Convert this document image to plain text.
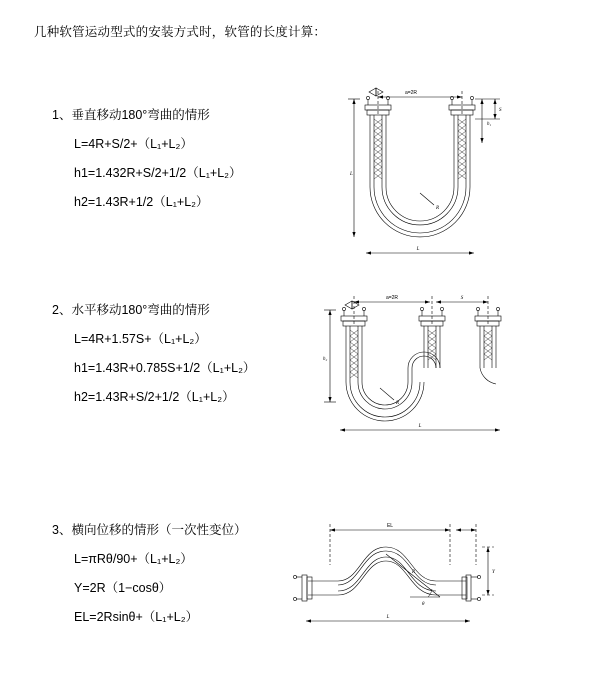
几种软管运动型式的安装方式时，软管的长度计算：
1、垂直移动180°弯曲的情形
L=4R+S/2+（L₁+L₂）
h1=1.432R+S/2+1/2（L₁+L₂）
h2=1.43R+1/2（L₁+L₂）
a=2R
h₁
S
L
R
L
2、水平移动180°弯曲的情形
L=4R+1.57S+（L₁+L₂）
h1=1.43R+0.785S+1/2（L₁+L₂）
h2=1.43R+S/2+1/2（L₁+L₂）
a=2R	S
h₂
R
L
3、横向位移的情形（一次性变位）
L=πRθ/90+（L₁+L₂）
Y=2R（1−cosθ）
EL=2Rsinθ+（L₁+L₂）
EL
Y
θ
R
L
